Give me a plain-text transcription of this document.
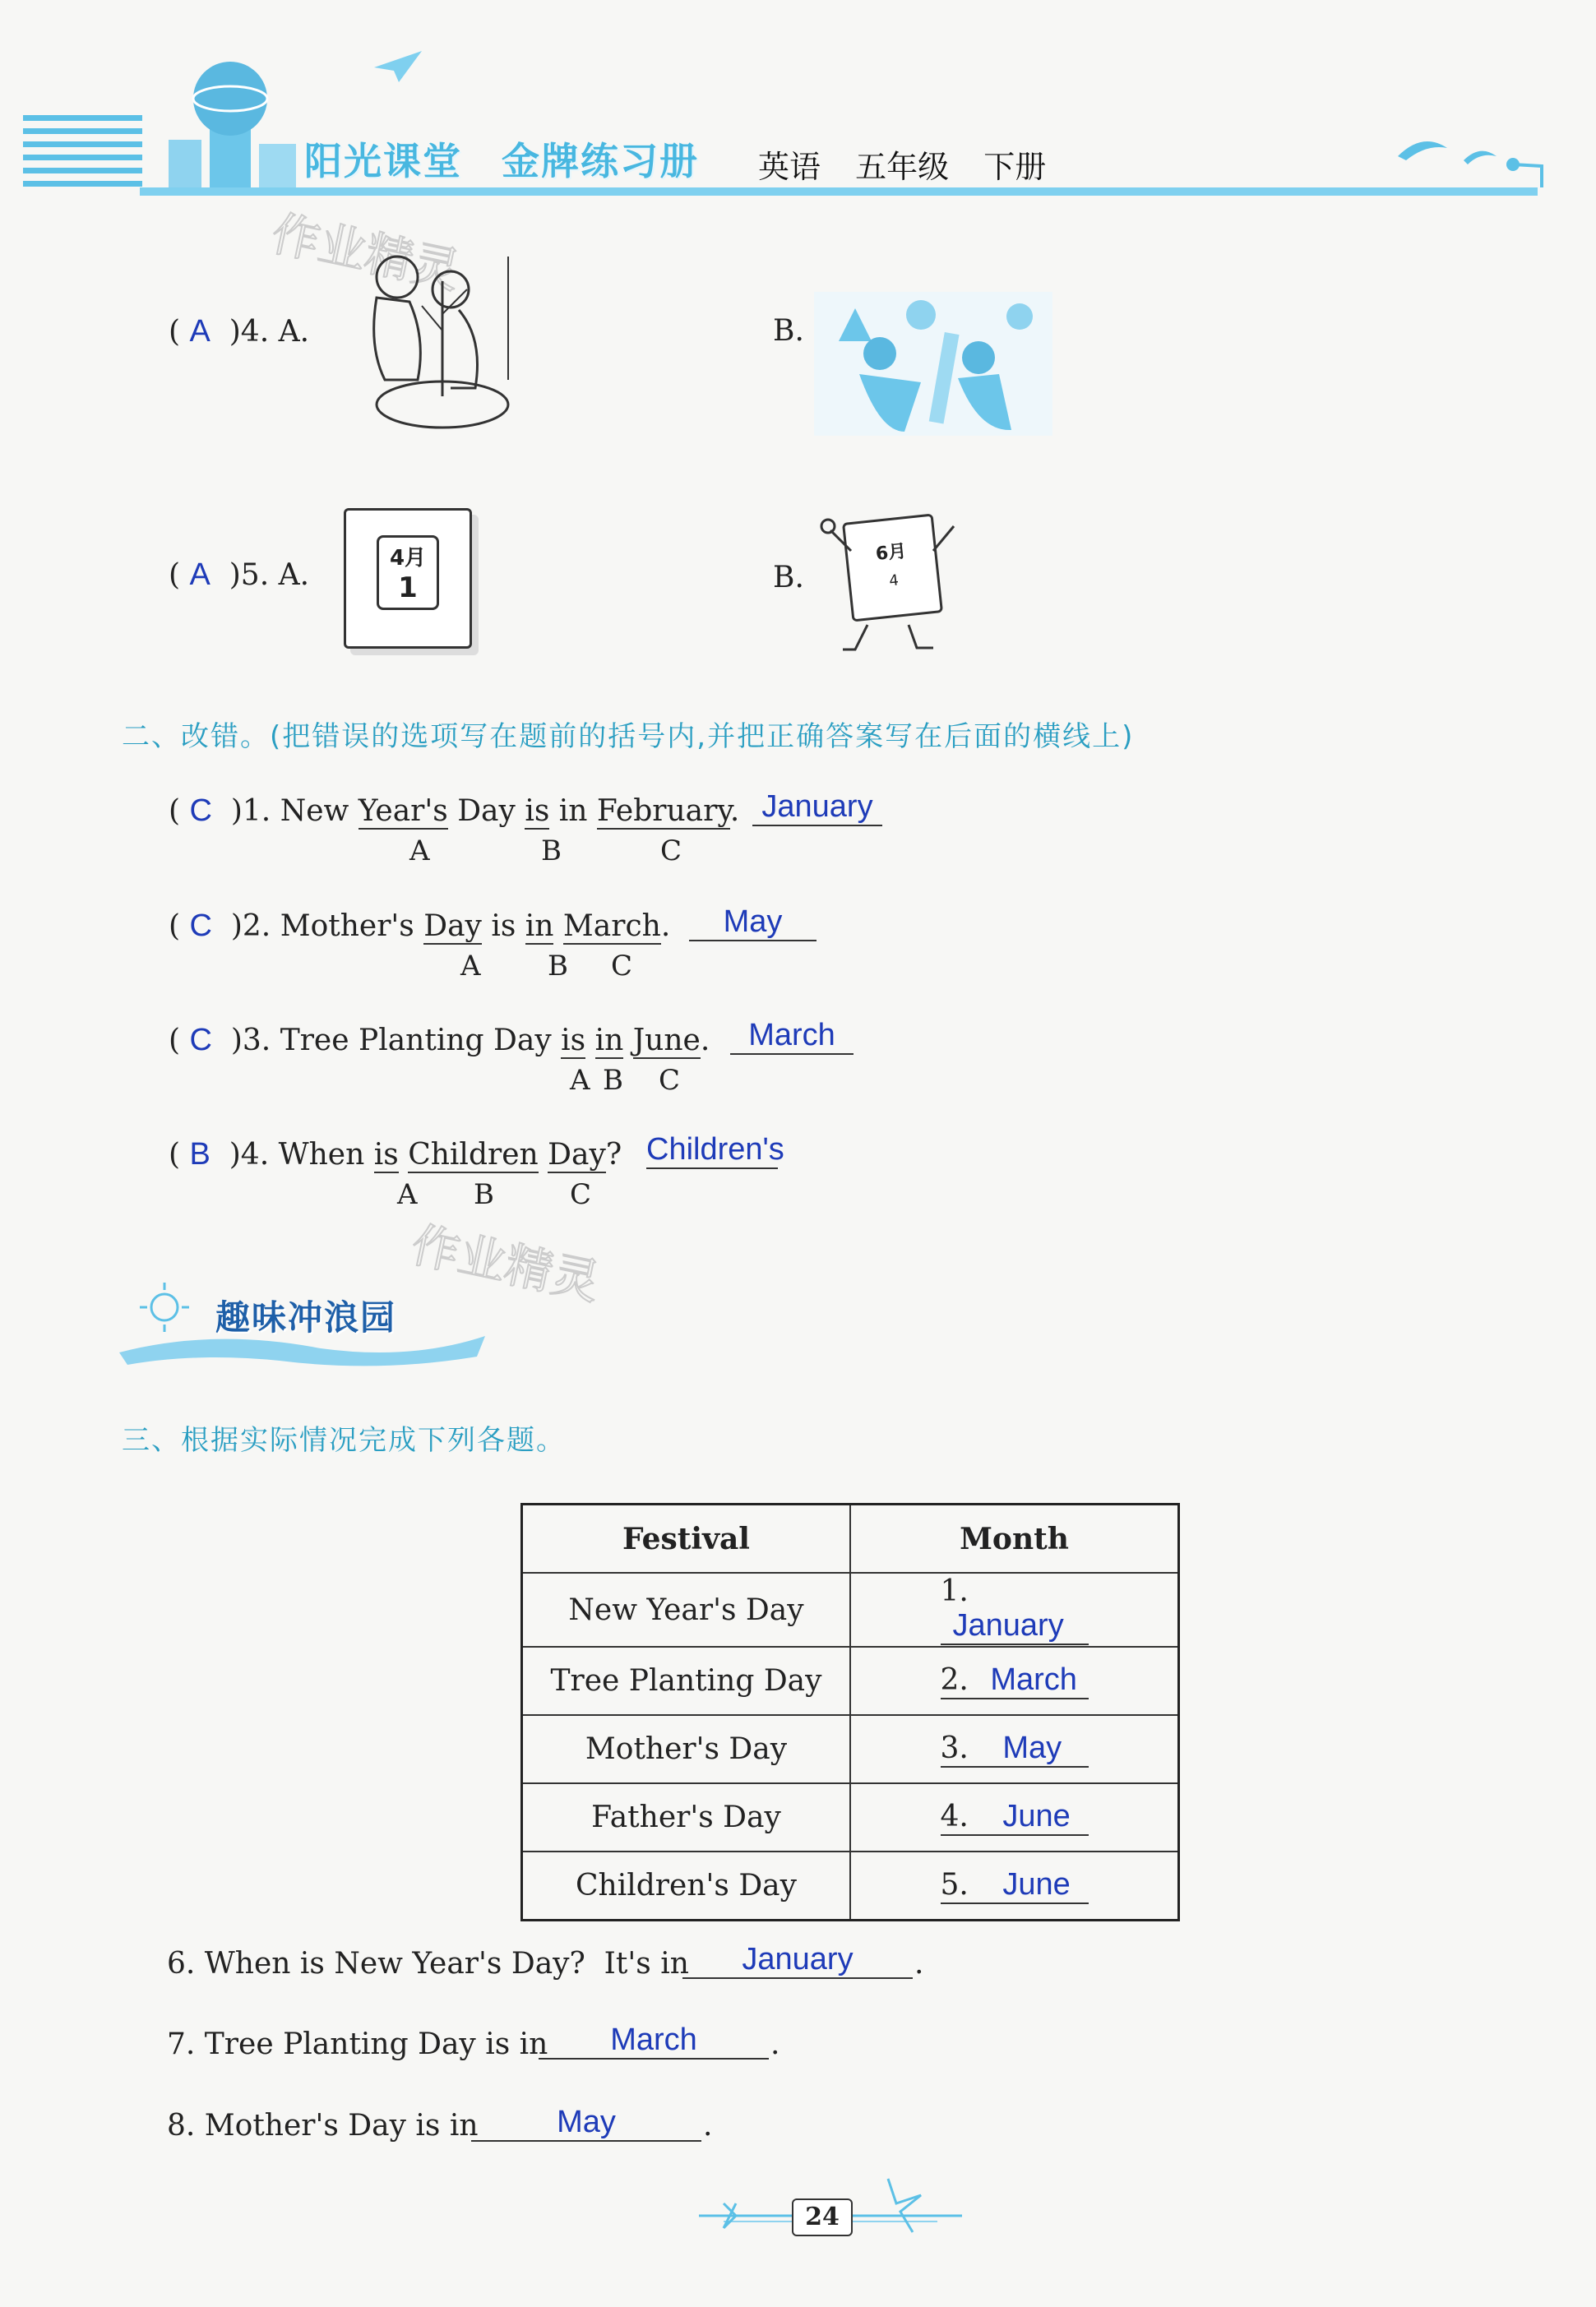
阳光课堂　金牌练习册 英语 五年级 下册
作业精灵
( A )4. A.	B.
( A )5. A.	4月
1	B.
6月
4
二、改错。(把错误的选项写在题前的括号内,并把正确答案写在后面的横线上)
( C )1. New Year's Day is in February. January
A	B	C
( C )2. Mother's Day is in March.	May
A B C
( C )3. Tree Planting Day is in June.	March
A B C
( B )4. When is Children Day? Children's
A B	C
作业精灵
趣味冲浪园
三、根据实际情况完成下列各题。
Festival	Month
New Year's Day	1. January
Tree Planting Day	2. March
Mother's Day	3. May
Father's Day	4. June
Children's Day	5. June
6. When is New Year's Day?  It's in	January	.
7. Tree Planting Day is in	March	.
8. Mother's Day is in	May	.
24
